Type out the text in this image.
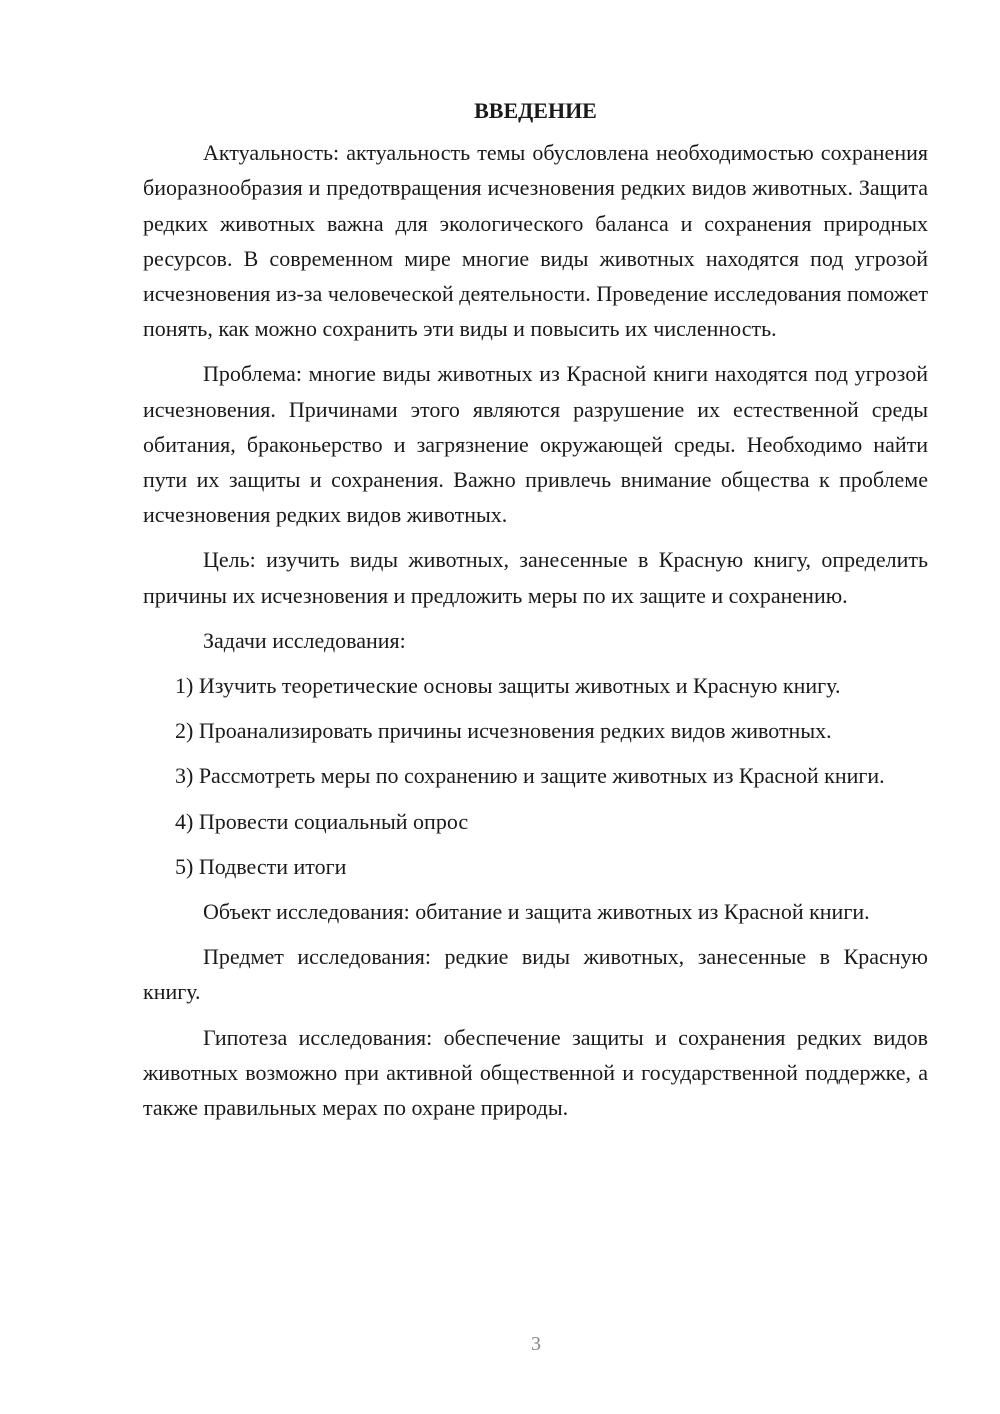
ВВЕДЕНИЕ

Актуальность: актуальность темы обусловлена необходимостью сохранения биоразнообразия и предотвращения исчезновения редких видов животных. Защита редких животных важна для экологического баланса и сохранения природных ресурсов. В современном мире многие виды животных находятся под угрозой исчезновения из-за человеческой деятельности. Проведение исследования поможет понять, как можно сохранить эти виды и повысить их численность.

Проблема: многие виды животных из Красной книги находятся под угрозой исчезновения. Причинами этого являются разрушение их естественной среды обитания, браконьерство и загрязнение окружающей среды. Необходимо найти пути их защиты и сохранения. Важно привлечь внимание общества к проблеме исчезновения редких видов животных.

Цель: изучить виды животных, занесенные в Красную книгу, определить причины их исчезновения и предложить меры по их защите и сохранению.

Задачи исследования:

1) Изучить теоретические основы защиты животных и Красную книгу.

2) Проанализировать причины исчезновения редких видов животных.

3) Рассмотреть меры по сохранению и защите животных из Красной книги.

4) Провести социальный опрос

5) Подвести итоги

Объект исследования: обитание и защита животных из Красной книги.

Предмет исследования: редкие виды животных, занесенные в Красную книгу.

Гипотеза исследования: обеспечение защиты и сохранения редких видов животных возможно при активной общественной и государственной поддержке, а также правильных мерах по охране природы.

3
